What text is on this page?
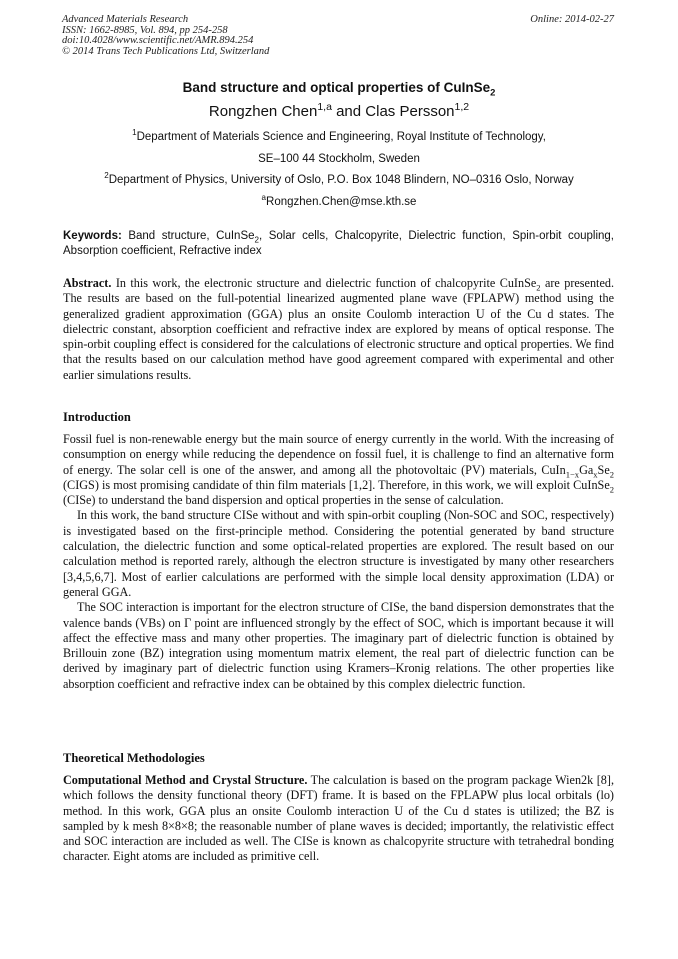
Advanced Materials Research
ISSN: 1662-8985, Vol. 894, pp 254-258
doi:10.4028/www.scientific.net/AMR.894.254
© 2014 Trans Tech Publications Ltd, Switzerland
Online: 2014-02-27
Band structure and optical properties of CuInSe$_2$
Rongzhen Chen$^{1,a}$ and Clas Persson$^{1,2}$
$^1$Department of Materials Science and Engineering, Royal Institute of Technology,
SE–100 44 Stockholm, Sweden
$^2$Department of Physics, University of Oslo, P.O. Box 1048 Blindern, NO–0316 Oslo, Norway
$^a$Rongzhen.Chen@mse.kth.se
Keywords: Band structure, CuInSe$_2$, Solar cells, Chalcopyrite, Dielectric function, Spin-orbit coupling, Absorption coefficient, Refractive index
Abstract. In this work, the electronic structure and dielectric function of chalcopyrite CuInSe$_2$ are presented. The results are based on the full-potential linearized augmented plane wave (FPLAPW) method using the generalized gradient approximation (GGA) plus an onsite Coulomb interaction U of the Cu d states. The dielectric constant, absorption coefficient and refractive index are explored by means of optical response. The spin-orbit coupling effect is considered for the calculations of electronic structure and optical properties. We find that the results based on our calculation method have good agreement compared with experimental and other earlier simulations results.
Introduction

Fossil fuel is non-renewable energy but the main source of energy currently in the world. With the increasing of consumption on energy while reducing the dependence on fossil fuel, it is challenge to find an alternative form of energy. The solar cell is one of the answer, and among all the photovoltaic (PV) materials, $CuIn_{1-x}Ga_xSe_2$ (CIGS) is most promising candidate of thin film materials [1,2]. Therefore, in this work, we will exploit CuInSe$_2$ (CISe) to understand the band dispersion and optical properties in the sense of calculation.

In this work, the band structure CISe without and with spin-orbit coupling (Non-SOC and SOC, respectively) is investigated based on the first-principle method. Considering the potential generated by band structure calculation, the dielectric function and some optical-related properties are explored. The result based on our calculation method is reported rarely, although the electron structure is investigated by many other researchers [3,4,5,6,7]. Most of earlier calculations are performed with the simple local density approximation (LDA) or general GGA.

The SOC interaction is important for the electron structure of CISe, the band dispersion demonstrates that the valence bands (VBs) on Γ point are influenced strongly by the effect of SOC, which is important because it will affect the effective mass and many other properties. The imaginary part of dielectric function is obtained by Brillouin zone (BZ) integration using momentum matrix element, the real part of dielectric function can be derived by imaginary part of dielectric function using Kramers–Kronig relations. The other properties like absorption coefficient and refractive index can be obtained by this complex dielectric function.

Theoretical Methodologies
Computational Method and Crystal Structure. The calculation is based on the program package Wien2k [8], which follows the density functional theory (DFT) frame. It is based on the FPLAPW plus local orbitals (lo) method. In this work, GGA plus an onsite Coulomb interaction U of the Cu d states is utilized; the BZ is sampled by k mesh 8×8×8; the reasonable number of plane waves is decided; importantly, the relativistic effect and SOC interaction are included as well. The CISe is known as chalcopyrite structure with tetrahedral bonding character. Eight atoms are included as primitive cell.
